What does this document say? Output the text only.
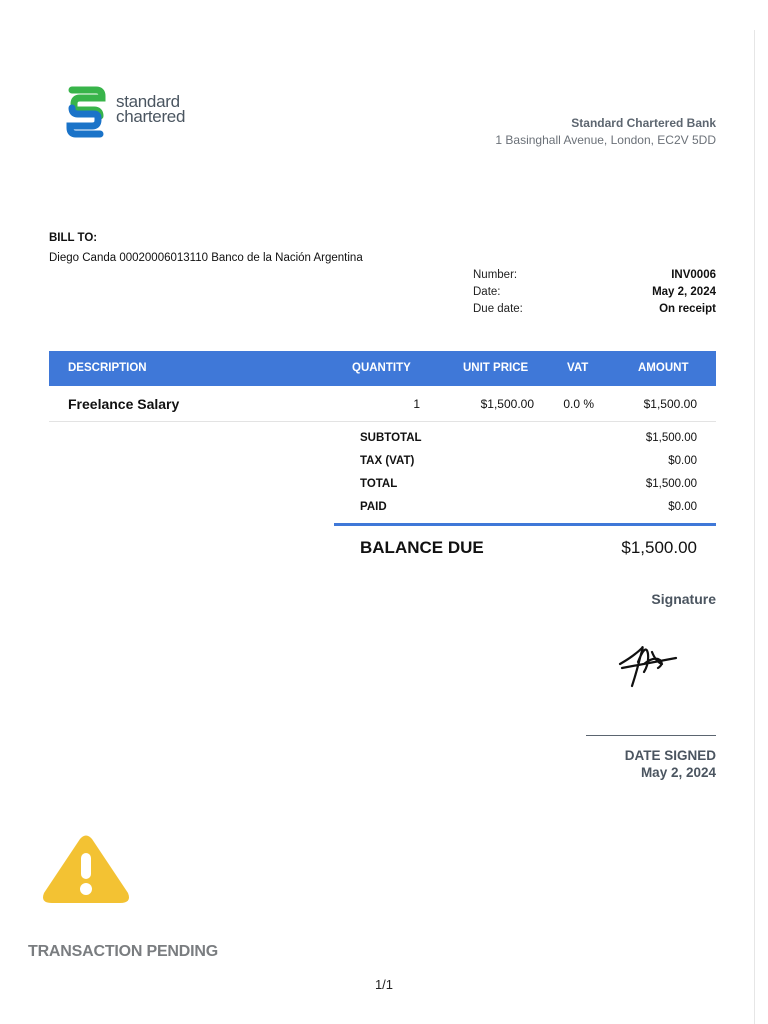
standard
chartered	Standard Chartered Bank
1 Basinghall Avenue, London, EC2V 5DD
BILL TO:
Diego Canda 00020006013110 Banco de la Nación Argentina
Number:	INV0006
Date:	May 2, 2024
Due date:	On receipt
DESCRIPTION	QUANTITY	UNIT PRICE	VAT	AMOUNT
Freelance Salary	1	$1,500.00 0.0 %	$1,500.00
SUBTOTAL	$1,500.00
TAX (VAT)	$0.00
TOTAL	$1,500.00
PAID	$0.00
BALANCE DUE	$1,500.00
Signature
DATE SIGNED
May 2, 2024
TRANSACTION PENDING
1/1
